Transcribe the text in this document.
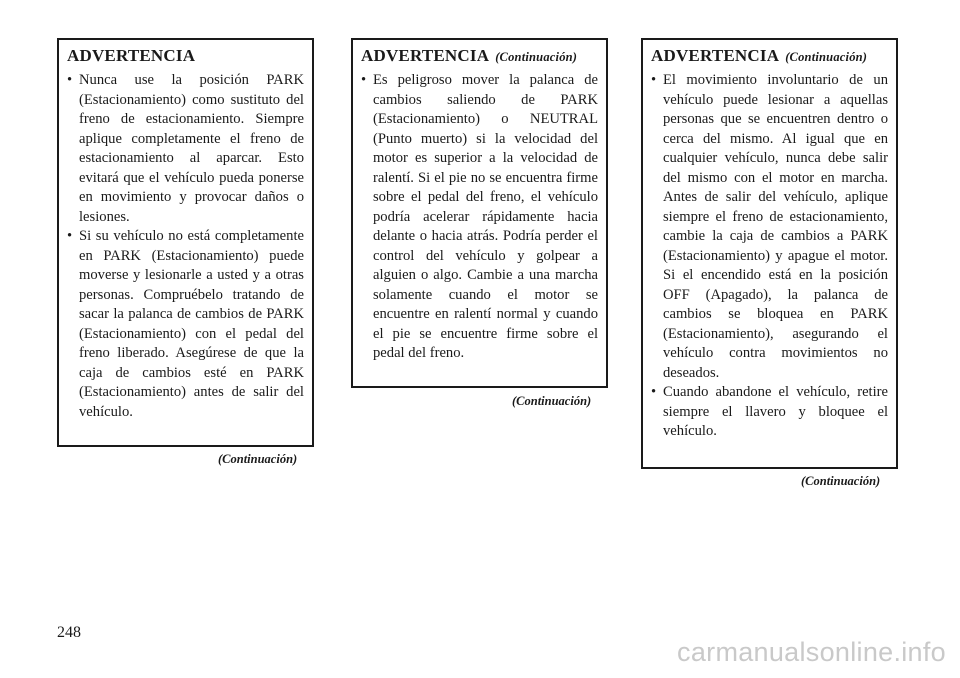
ADVERTENCIA
• Nunca use la posición PARK (Estacionamiento) como sustituto del freno de estacionamiento. Siempre aplique completamente el freno de estacionamiento al aparcar. Esto evitará que el vehículo pueda ponerse en movimiento y provocar daños o lesiones.
• Si su vehículo no está completamente en PARK (Estacionamiento) puede moverse y lesionarle a usted y a otras personas. Compruébelo tratando de sacar la palanca de cambios de PARK (Estacionamiento) con el pedal del freno liberado. Asegúrese de que la caja de cambios esté en PARK (Estacionamiento) antes de salir del vehículo.
(Continuación)
ADVERTENCIA (Continuación)
• Es peligroso mover la palanca de cambios saliendo de PARK (Estacionamiento) o NEUTRAL (Punto muerto) si la velocidad del motor es superior a la velocidad de ralentí. Si el pie no se encuentra firme sobre el pedal del freno, el vehículo podría acelerar rápidamente hacia delante o hacia atrás. Podría perder el control del vehículo y golpear a alguien o algo. Cambie a una marcha solamente cuando el motor se encuentre en ralentí normal y cuando el pie se encuentre firme sobre el pedal del freno.
(Continuación)
ADVERTENCIA (Continuación)
• El movimiento involuntario de un vehículo puede lesionar a aquellas personas que se encuentren dentro o cerca del mismo. Al igual que en cualquier vehículo, nunca debe salir del mismo con el motor en marcha. Antes de salir del vehículo, aplique siempre el freno de estacionamiento, cambie la caja de cambios a PARK (Estacionamiento) y apague el motor. Si el encendido está en la posición OFF (Apagado), la palanca de cambios se bloquea en PARK (Estacionamiento), asegurando el vehículo contra movimientos no deseados.
• Cuando abandone el vehículo, retire siempre el llavero y bloquee el vehículo.
(Continuación)
248
carmanualsonline.info
